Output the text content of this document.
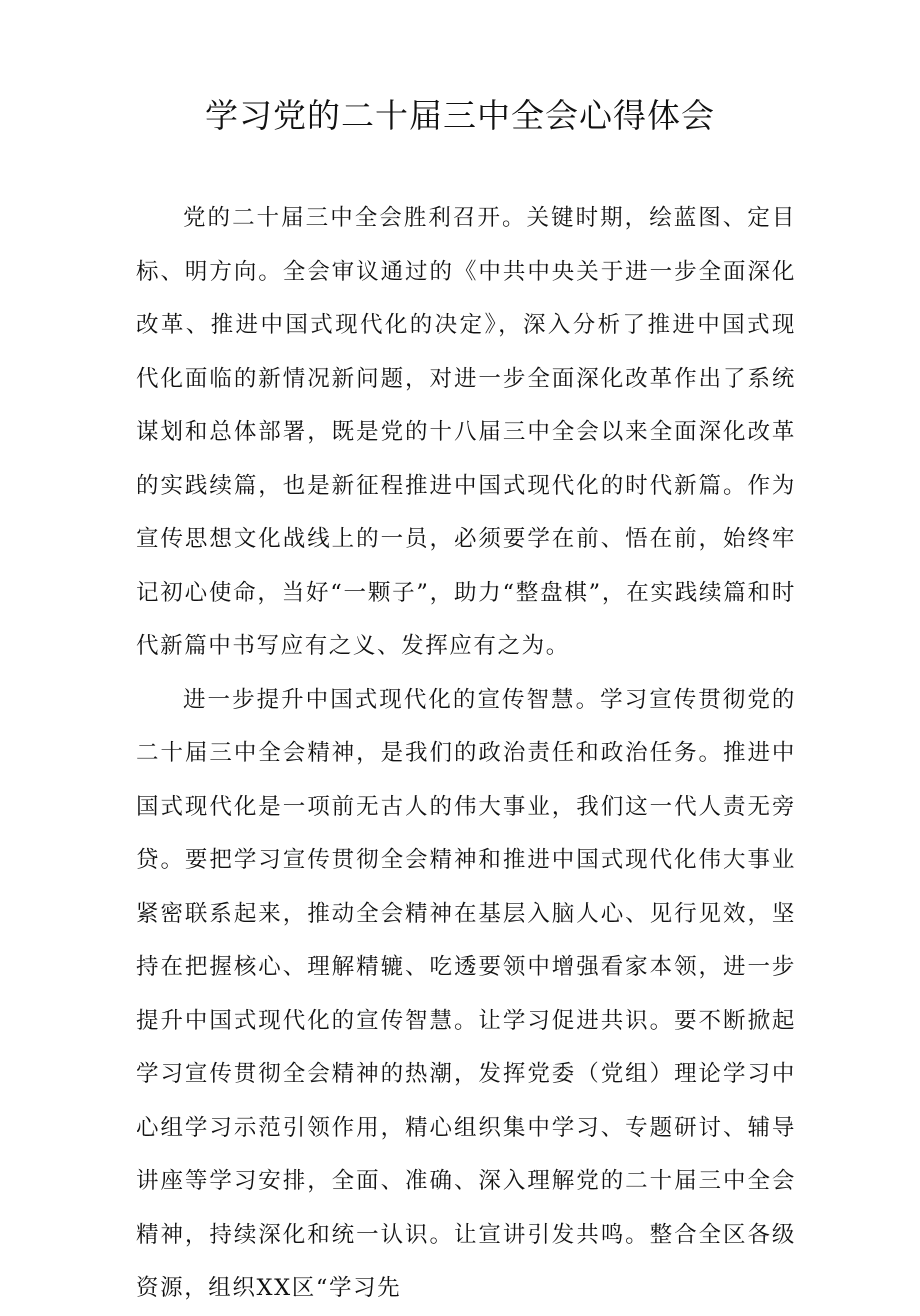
学习党的二十届三中全会心得体会

党的二十届三中全会胜利召开。关键时期，绘蓝图、定目标、明方向。全会审议通过的《中共中央关于进一步全面深化改革、推进中国式现代化的决定》，深入分析了推进中国式现代化面临的新情况新问题，对进一步全面深化改革作出了系统谋划和总体部署，既是党的十八届三中全会以来全面深化改革的实践续篇，也是新征程推进中国式现代化的时代新篇。作为宣传思想文化战线上的一员，必须要学在前、悟在前，始终牢记初心使命，当好“一颗子”，助力“整盘棋”，在实践续篇和时代新篇中书写应有之义、发挥应有之为。

进一步提升中国式现代化的宣传智慧。学习宣传贯彻党的二十届三中全会精神，是我们的政治责任和政治任务。推进中国式现代化是一项前无古人的伟大事业，我们这一代人责无旁贷。要把学习宣传贯彻全会精神和推进中国式现代化伟大事业紧密联系起来，推动全会精神在基层入脑人心、见行见效，坚持在把握核心、理解精辘、吃透要领中增强看家本领，进一步提升中国式现代化的宣传智慧。让学习促进共识。要不断掀起学习宣传贯彻全会精神的热潮，发挥党委（党组）理论学习中心组学习示范引领作用，精心组织集中学习、专题研讨、辅导讲座等学习安排，全面、准确、深入理解党的二十届三中全会精神，持续深化和统一认识。让宣讲引发共鸣。整合全区各级资源，组织XX区“学习先
